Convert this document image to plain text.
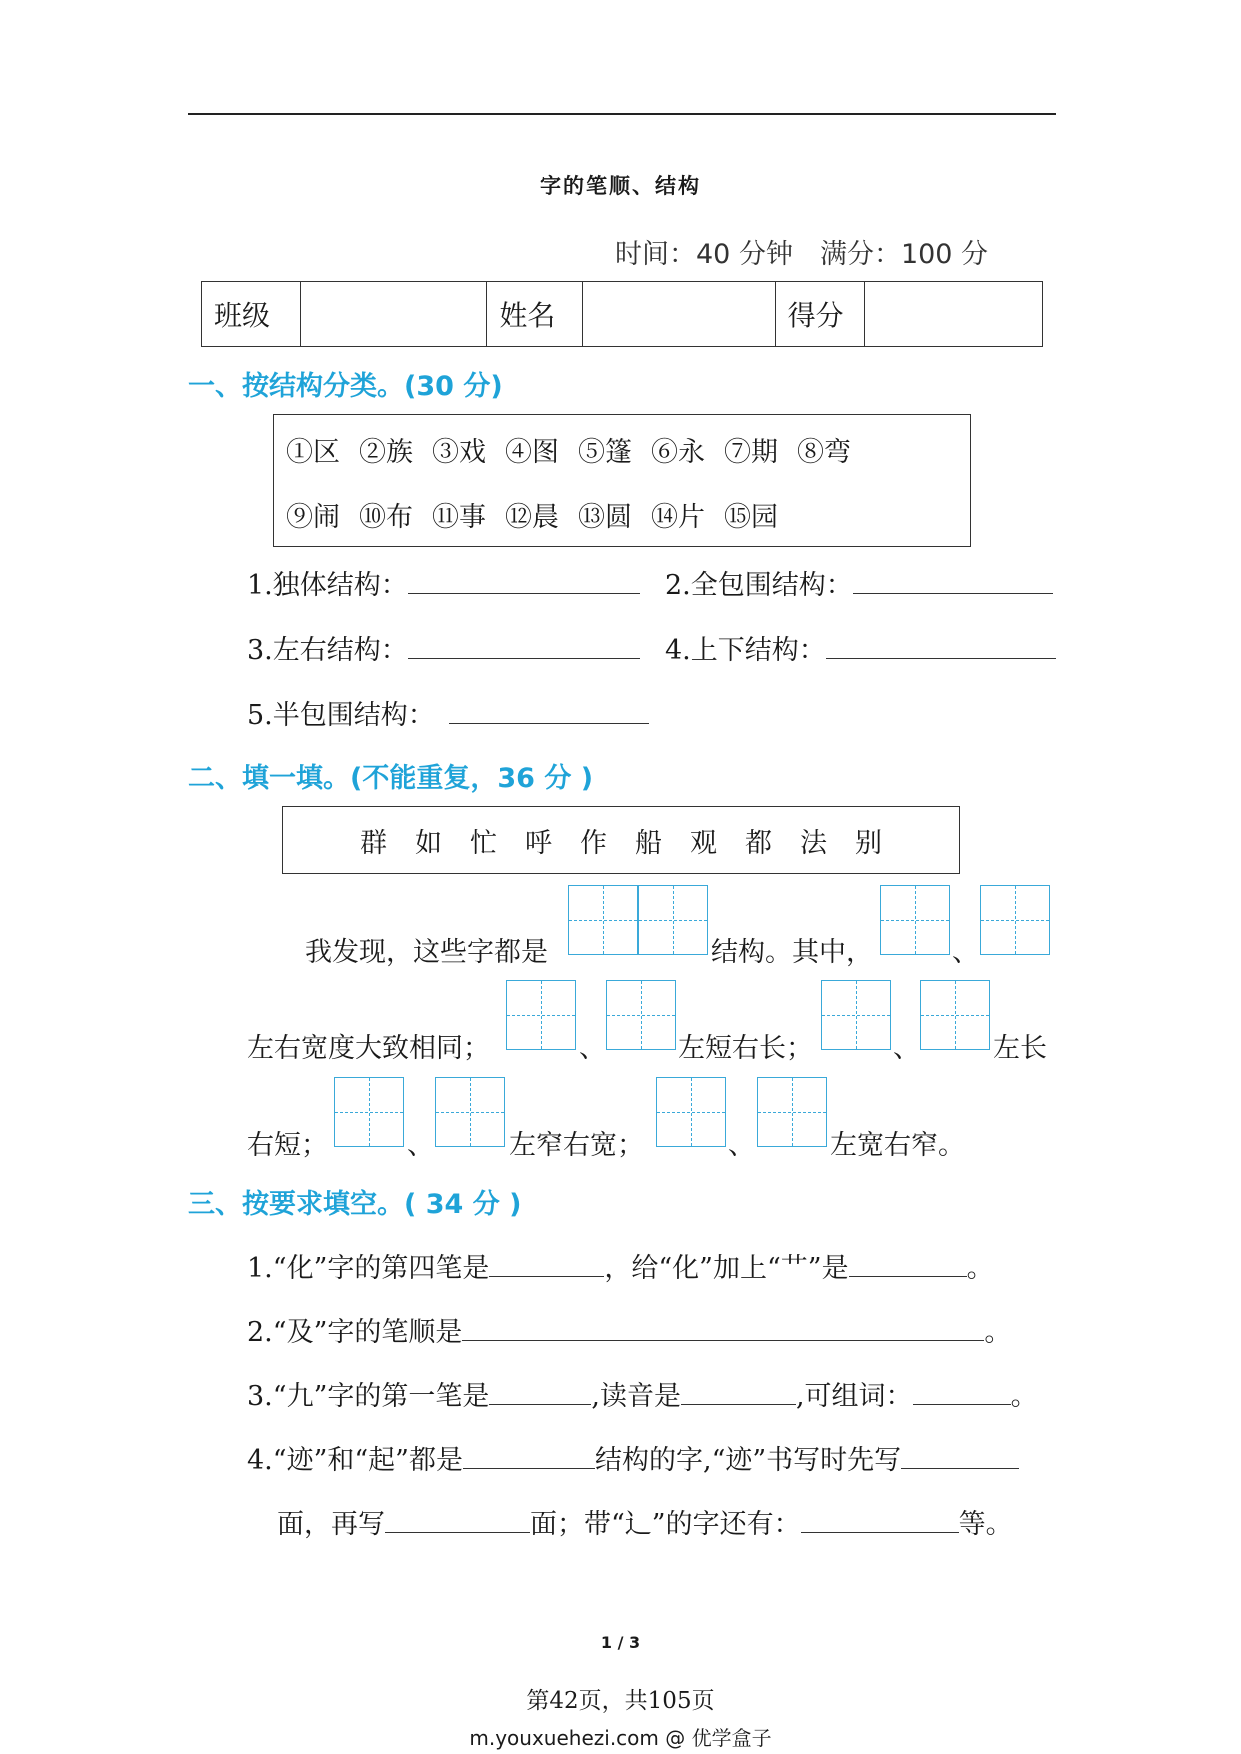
字的笔顺、结构
时间：40 分钟　满分：100 分
班级	姓名	得分
一、按结构分类。(30 分)
①区 ②族 ③戏 ④图 ⑤篷 ⑥永 ⑦期 ⑧弯
⑨闹 ⑩布 ⑪事 ⑫晨 ⑬圆 ⑭片 ⑮园
1.独体结构：	2.全包围结构：
3.左右结构：	4.上下结构：
5.半包围结构：
二、填一填。(不能重复，36 分 )
群 如 忙 呼 作 船 观 都 法 别
我发现，这些字都是	结构。其中，	、
左右宽度大致相同；	、	左短右长；	、	左长
右短；	、	左窄右宽；	、	左宽右窄。
三、按要求填空。( 34 分 )
1.“化”字的第四笔是	，给“化”加上“艹”是	。
2.“及”字的笔顺是	。
3.“九”字的第一笔是	,读音是	,可组词：	。
4.“迹”和“起”都是	结构的字,“迹”书写时先写
面，再写	面；带“辶”的字还有：	等。
1 / 3
第42页，共105页
m.youxuehezi.com @ 优学盒子
